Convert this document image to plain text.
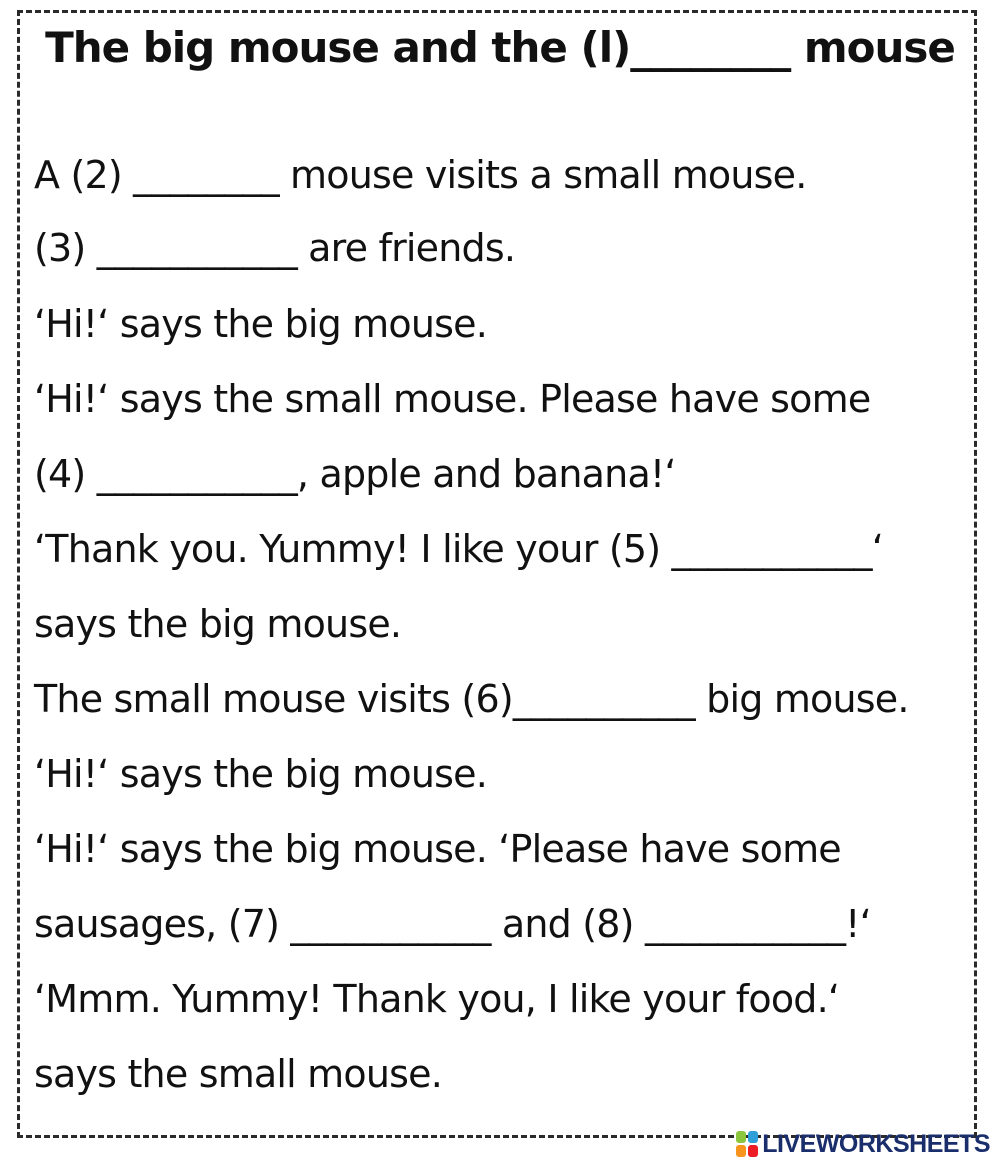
The big mouse and the (l)________ mouse

A (2) ________ mouse visits a small mouse.

(3) ___________ are friends.

‘Hi!‘ says the big mouse.

‘Hi!‘ says the small mouse. Please have some

(4) ___________, apple and banana!‘

‘Thank you. Yummy! I like your (5) ___________‘

says the big mouse.

The small mouse visits (6)__________ big mouse.

‘Hi!‘ says the big mouse.

‘Hi!‘ says the big mouse. ‘Please have some

sausages, (7) ___________ and (8) ___________!‘

‘Mmm. Yummy! Thank you, I like your food.‘

says the small mouse.

LIVEWORKSHEETS
